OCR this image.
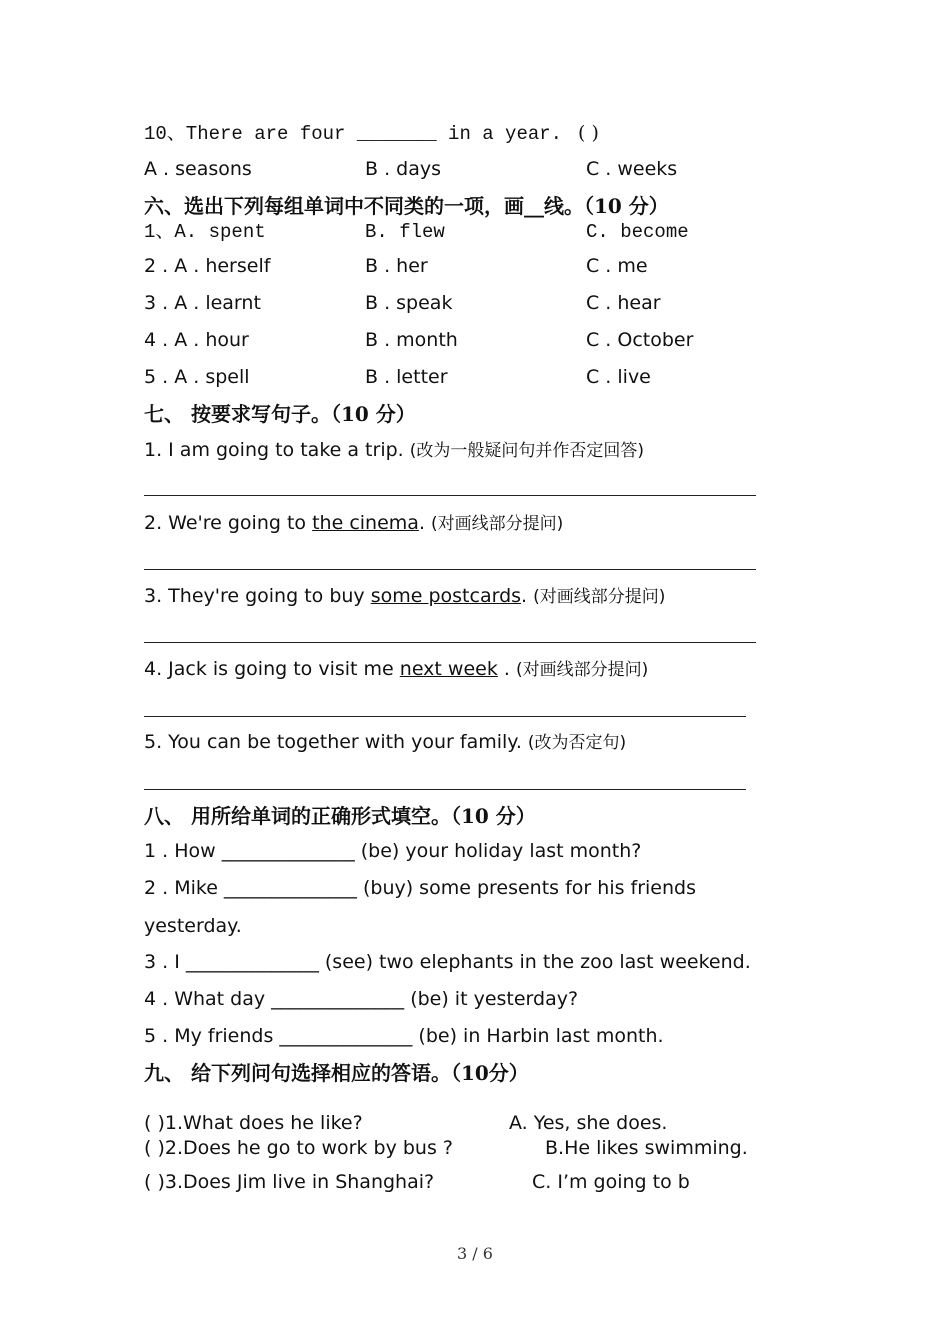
10、There are four _______ in a year. ( )
A . seasons	B . days	C . weeks
六、选出下列每组单词中不同类的一项，画__线。（10 分）
1、A. spent	B. flew	C. become
2 . A . herself	B . her	C . me
3 . A . learnt	B . speak	C . hear
4 . A . hour	B . month	C . October
5 . A . spell	B . letter	C . live
七、 按要求写句子。（10 分）
1. I am going to take a trip. (改为一般疑问句并作否定回答)
2. We're going to the cinema. (对画线部分提问)
3. They're going to buy some postcards. (对画线部分提问)
4. Jack is going to visit me next week . (对画线部分提问)
5. You can be together with your family. (改为否定句)
八、 用所给单词的正确形式填空。（10 分）
1 . How ______________ (be) your holiday last month?
2 . Mike ______________ (buy) some presents for his friends
yesterday.
3 . I ______________ (see) two elephants in the zoo last weekend.
4 . What day ______________ (be) it yesterday?
5 . My friends ______________ (be) in Harbin last month.
九、 给下列问句选择相应的答语。（10分）
( )1.What does he like?	A. Yes, she does.
( )2.Does he go to work by bus ?	B.He likes swimming.
( )3.Does Jim live in Shanghai?	C. I’m going to b
3 / 6
